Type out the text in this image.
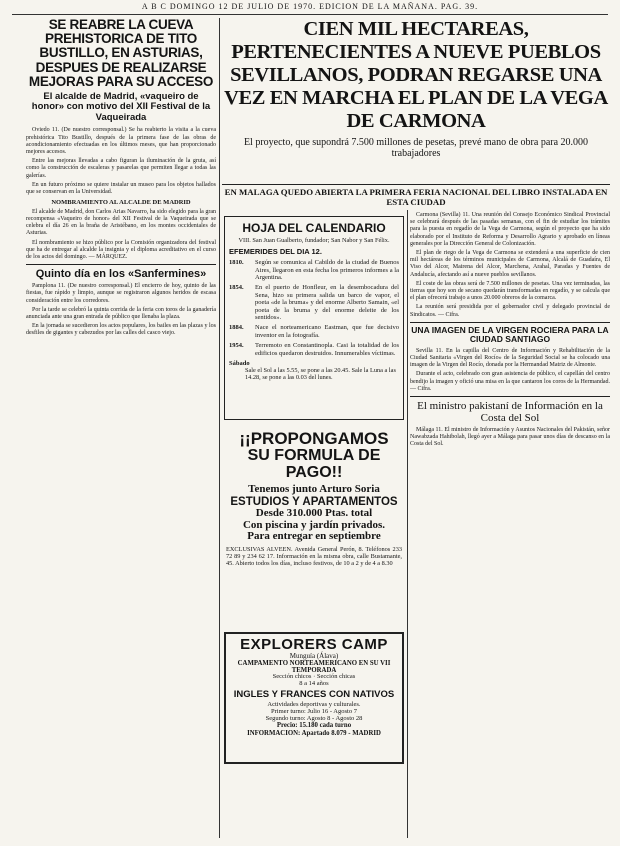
A B C DOMINGO 12 DE JULIO DE 1970. EDICION DE LA MAÑANA. PAG. 39.
SE REABRE LA CUEVA PREHISTORICA DE TITO BUSTILLO, EN ASTURIAS, DESPUES DE REALIZARSE MEJORAS PARA SU ACCESO
El alcalde de Madrid, «vaqueiro de honor» con motivo del XII Festival de la Vaqueirada

Oviedo 11. (De nuestro corresponsal.) Se ha reabierto la visita a la cueva prehistórica Tito Bustillo, después de la primera fase de las obras de acondicionamiento efectuadas en los últimos meses, que han proporcionado mejores accesos.

Entre las mejoras llevadas a cabo figuran la iluminación de la gruta, así como la construcción de escaleras y pasarelas que permiten llegar a todas las galerías.

En un futuro próximo se quiere instalar un museo para los objetos hallados que se conservan en la Universidad.

NOMBRAMIENTO AL ALCALDE DE MADRID

El alcalde de Madrid, don Carlos Arias Navarro, ha sido elegido para la gran recompensa «Vaqueiro de honor» del XII Festival de la Vaqueirada que se celebra el día 26 en la braña de Aristébano, en los montes occidentales de Asturias.

El nombramiento se hizo público por la Comisión organizadora del festival que ha de entregar al alcalde la insignia y el diploma acreditativo en el curso de los actos del domingo. — MÁRQUEZ.

Quinto día en los «Sanfermines»

Pamplona 11. (De nuestro corresponsal.) El encierro de hoy, quinto de las fiestas, fue rápido y limpio, aunque se registraron algunos heridos de escasa consideración entre los corredores.

Por la tarde se celebró la quinta corrida de la feria con toros de la ganadería anunciada ante una gran entrada de público que llenaba la plaza.

En la jornada se sucedieron los actos populares, los bailes en las plazas y los desfiles de gigantes y cabezudos por las calles del casco viejo.

CIEN MIL HECTAREAS, PERTENECIENTES A NUEVE PUEBLOS SEVILLANOS, PODRAN REGARSE UNA VEZ EN MARCHA EL PLAN DE LA VEGA DE CARMONA
El proyecto, que supondrá 7.500 millones de pesetas, prevé mano de obra para 20.000 trabajadores
EN MALAGA QUEDO ABIERTA LA PRIMERA FERIA NACIONAL DEL LIBRO INSTALADA EN ESTA CIUDAD
HOJA DEL CALENDARIO
VIII. San Juan Gualberto, fundador; San Nabor y San Félix.
EFEMERIDES DEL DIA 12.
1810.	Según se comunica al Cabildo de la ciudad de Buenos Aires, llegaron en esta fecha los primeros informes a la Argentina.
1854.	En el puerto de Honfleur, en la desembocadura del Sena, hizo su primera salida un barco de vapor, el poeta «de la bruma» y del enorme Alberto Samain, «el poeta de la bruma y del enorme deleite de los sentidos».
1884.	Nace el norteamericano Eastman, que fue decisivo inventor en la fotografía.
1954.	Terremoto en Constantinopla. Casi la totalidad de los edificios quedaron destruidos. Innumerables víctimas.
Sábado
Sale el Sol a las 5.55, se pone a las 20.45. Sale la Luna a las 14.28, se pone a las 0.03 del lunes.
¡¡PROPONGAMOS
SU FORMULA DE PAGO!!
Tenemos junto Arturo Soria
ESTUDIOS Y APARTAMENTOS
Desde 310.000 Ptas. total
Con piscina y jardín privados.
Para entregar en septiembre
EXCLUSIVAS ALVEEN. Avenida General Perón, 8. Teléfonos 233 72 89 y 234 62 17. Información en la misma obra, calle Bustamante, 45. Abierto todos los días, incluso festivos, de 10 a 2 y de 4 a 8.30
EXPLORERS CAMP
Munguía (Álava)
CAMPAMENTO NORTEAMERICANO EN SU VII TEMPORADA
Sección chicos · Sección chicas
8 a 14 años
INGLES Y FRANCES CON NATIVOS
Actividades deportivas y culturales.
Primer turno: Julio 16 - Agosto 7
Segundo turno: Agosto 8 - Agosto 28
Precio: 15.180 cada turno
INFORMACION: Apartado 8.079 - MADRID

Carmona (Sevilla) 11. Una reunión del Consejo Económico Sindical Provincial se celebrará después de las pasadas semanas, con el fin de estudiar los trámites para la puesta en regadío de la Vega de Carmona, según el proyecto que ha sido elaborado por el Instituto de Reforma y Desarrollo Agrario y aprobado en líneas generales por la Dirección General de Colonización.

El plan de riego de la Vega de Carmona se extenderá a una superficie de cien mil hectáreas de los términos municipales de Carmona, Alcalá de Guadaíra, El Viso del Alcor, Mairena del Alcor, Marchena, Arahal, Paradas y Fuentes de Andalucía, afectando así a nueve pueblos sevillanos.

El coste de las obras será de 7.500 millones de pesetas. Una vez terminadas, las tierras que hoy son de secano quedarán transformadas en regadío, y se calcula que el plan ofrecerá trabajo a unos 20.000 obreros de la comarca.

La reunión será presidida por el gobernador civil y delegado provincial de Sindicatos. — Cifra.

UNA IMAGEN DE LA VIRGEN ROCIERA PARA LA CIUDAD SANTIAGO

Sevilla 11. En la capilla del Centro de Información y Rehabilitación de la Ciudad Sanitaria «Virgen del Rocío» de la Seguridad Social se ha colocado una imagen de la Virgen del Rocío, donada por la Hermandad Matriz de Almonte.

Durante el acto, celebrado con gran asistencia de público, el capellán del centro bendijo la imagen y ofició una misa en la que cantaron los coros de la Hermandad. — Cifra.

El ministro pakistaní de Información en la Costa del Sol

Málaga 11. El ministro de Información y Asuntos Nacionales del Pakistán, señor Nawabzada Hahibolah, llegó ayer a Málaga para pasar unos días de descanso en la Costa del Sol.
